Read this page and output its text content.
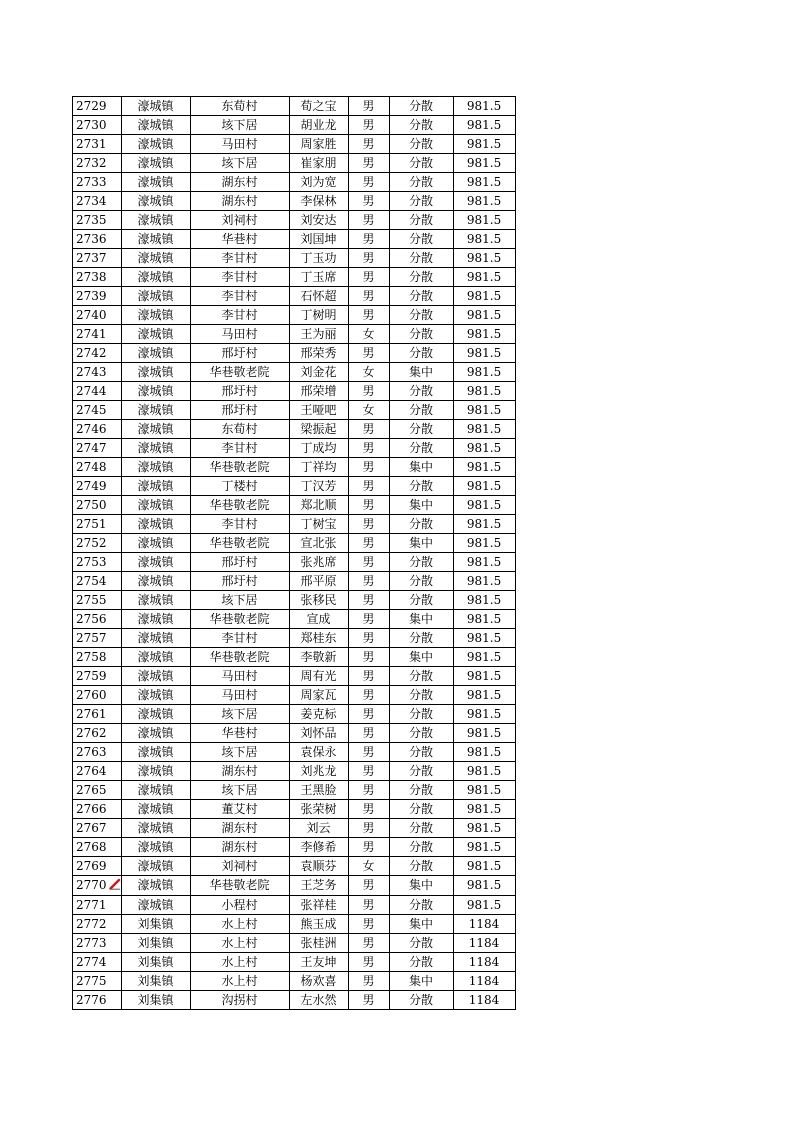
2729	濠城镇	东荀村	荀之宝	男	分散	981.5
2730	濠城镇	垓下居	胡业龙	男	分散	981.5
2731	濠城镇	马田村	周家胜	男	分散	981.5
2732	濠城镇	垓下居	崔家朋	男	分散	981.5
2733	濠城镇	湖东村	刘为宽	男	分散	981.5
2734	濠城镇	湖东村	李保林	男	分散	981.5
2735	濠城镇	刘祠村	刘安达	男	分散	981.5
2736	濠城镇	华巷村	刘国坤	男	分散	981.5
2737	濠城镇	李甘村	丁玉功	男	分散	981.5
2738	濠城镇	李甘村	丁玉席	男	分散	981.5
2739	濠城镇	李甘村	石怀超	男	分散	981.5
2740	濠城镇	李甘村	丁树明	男	分散	981.5
2741	濠城镇	马田村	王为丽	女	分散	981.5
2742	濠城镇	邢圩村	邢荣秀	男	分散	981.5
2743	濠城镇	华巷敬老院	刘金花	女	集中	981.5
2744	濠城镇	邢圩村	邢荣增	男	分散	981.5
2745	濠城镇	邢圩村	王哑吧	女	分散	981.5
2746	濠城镇	东荀村	梁振起	男	分散	981.5
2747	濠城镇	李甘村	丁成均	男	分散	981.5
2748	濠城镇	华巷敬老院	丁祥均	男	集中	981.5
2749	濠城镇	丁楼村	丁汉芳	男	分散	981.5
2750	濠城镇	华巷敬老院	郑北顺	男	集中	981.5
2751	濠城镇	李甘村	丁树宝	男	分散	981.5
2752	濠城镇	华巷敬老院	宣北张	男	集中	981.5
2753	濠城镇	邢圩村	张兆席	男	分散	981.5
2754	濠城镇	邢圩村	邢平原	男	分散	981.5
2755	濠城镇	垓下居	张移民	男	分散	981.5
2756	濠城镇	华巷敬老院	宣成	男	集中	981.5
2757	濠城镇	李甘村	郑桂东	男	分散	981.5
2758	濠城镇	华巷敬老院	李敬新	男	集中	981.5
2759	濠城镇	马田村	周有光	男	分散	981.5
2760	濠城镇	马田村	周家瓦	男	分散	981.5
2761	濠城镇	垓下居	姜克标	男	分散	981.5
2762	濠城镇	华巷村	刘怀品	男	分散	981.5
2763	濠城镇	垓下居	袁保永	男	分散	981.5
2764	濠城镇	湖东村	刘兆龙	男	分散	981.5
2765	濠城镇	垓下居	王黑脸	男	分散	981.5
2766	濠城镇	董艾村	张荣树	男	分散	981.5
2767	濠城镇	湖东村	刘云	男	分散	981.5
2768	濠城镇	湖东村	李修希	男	分散	981.5
2769	濠城镇	刘祠村	袁顺芬	女	分散	981.5
2770	濠城镇	华巷敬老院	王芝务	男	集中	981.5
2771	濠城镇	小程村	张祥桂	男	分散	981.5
2772	刘集镇	水上村	熊玉成	男	集中	1184
2773	刘集镇	水上村	张桂洲	男	分散	1184
2774	刘集镇	水上村	王友坤	男	分散	1184
2775	刘集镇	水上村	杨欢喜	男	集中	1184
2776	刘集镇	沟拐村	左水然	男	分散	1184
